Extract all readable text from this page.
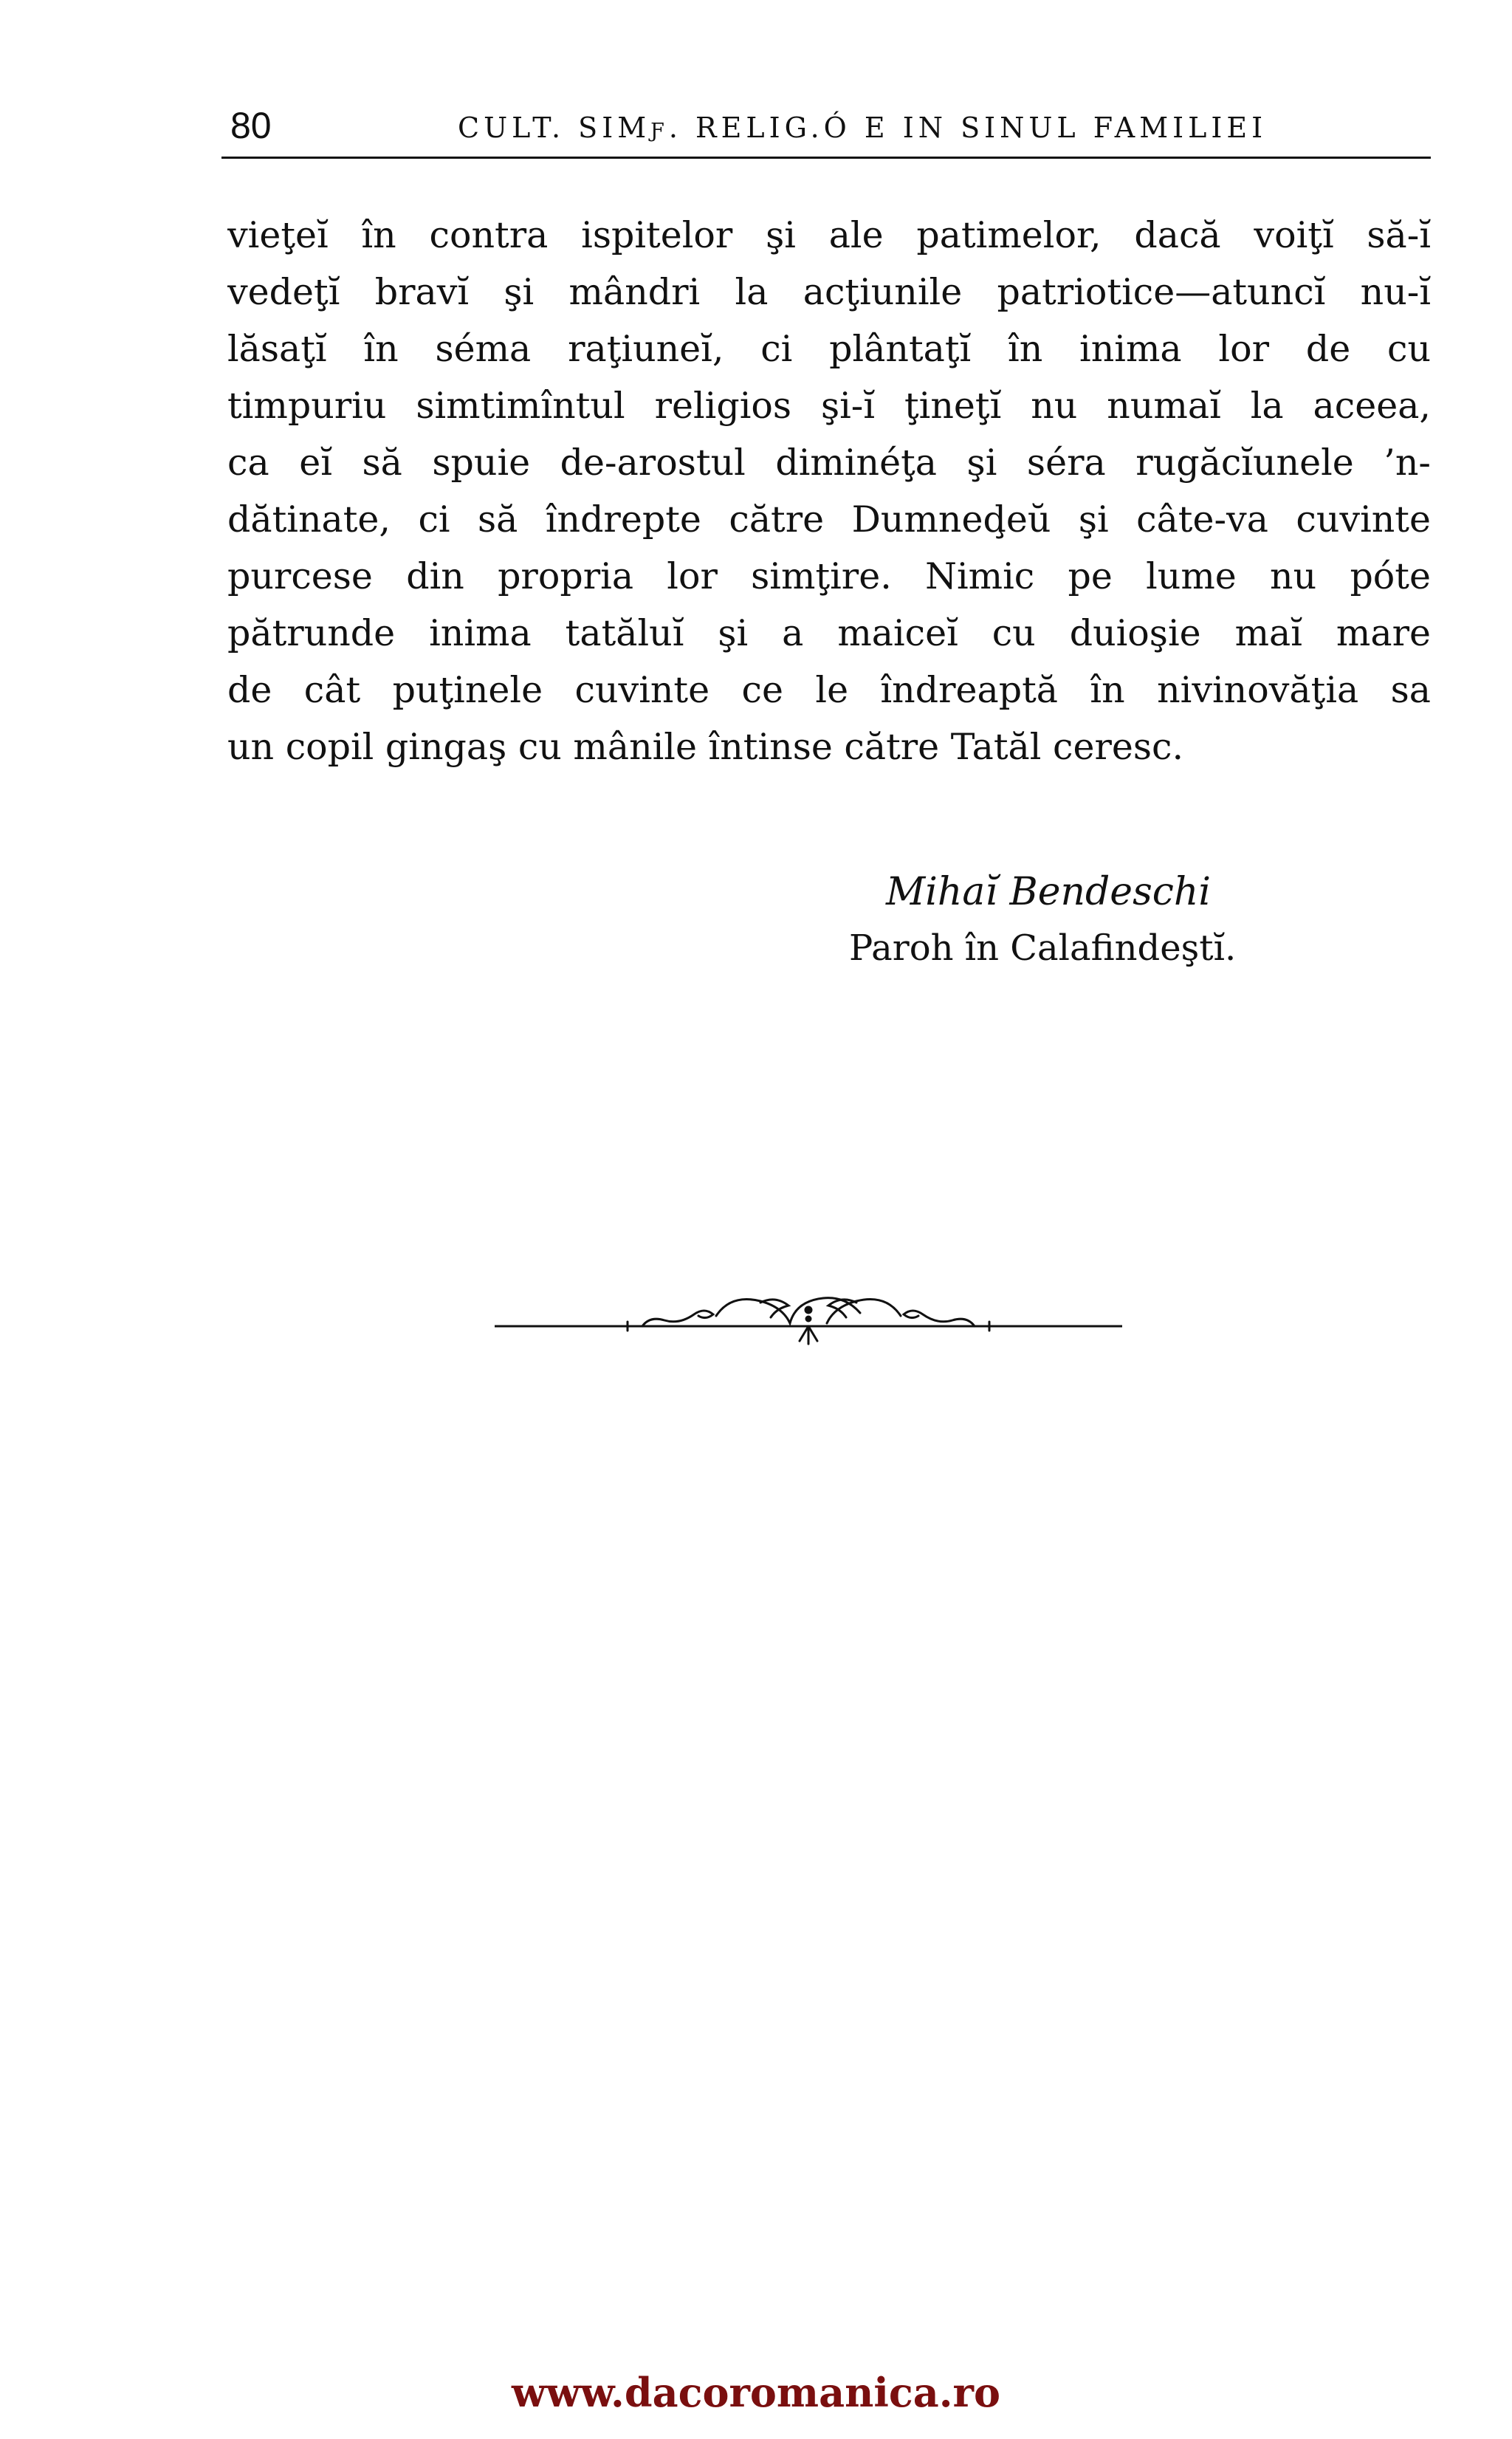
80	CULT. SIMƒ. RELIG.Ó E IN SINUL FAMILIEI
vieţeĭ în contra ispitelor şi ale patimelor, dacă voiţĭ să-ĭ
vedeţĭ bravĭ şi mândri la acţiunile patriotice—atuncĭ nu-ĭ
lăsaţĭ în séma raţiuneĭ, ci plântaţĭ în inima lor de cu
timpuriu simtimîntul religios şi-ĭ ţineţĭ nu numaĭ la aceea,
ca eĭ să spuie de-arostul diminéţa şi séra rugăcĭunele ’n-
dătinate, ci să îndrepte către Dumneḑeŭ şi câte-va cuvinte
purcese din propria lor simţire. Nimic pe lume nu póte
pătrunde inima tatăluĭ şi a maiceĭ cu duioşie maĭ mare
de cât puţinele cuvinte ce le îndreaptă în nivinovăţia sa
un copil gingaş cu mânile întinse către Tatăl ceresc.
Mihaĭ Bendeschi
Paroh în Calafindeştĭ.
www.dacoromanica.ro
